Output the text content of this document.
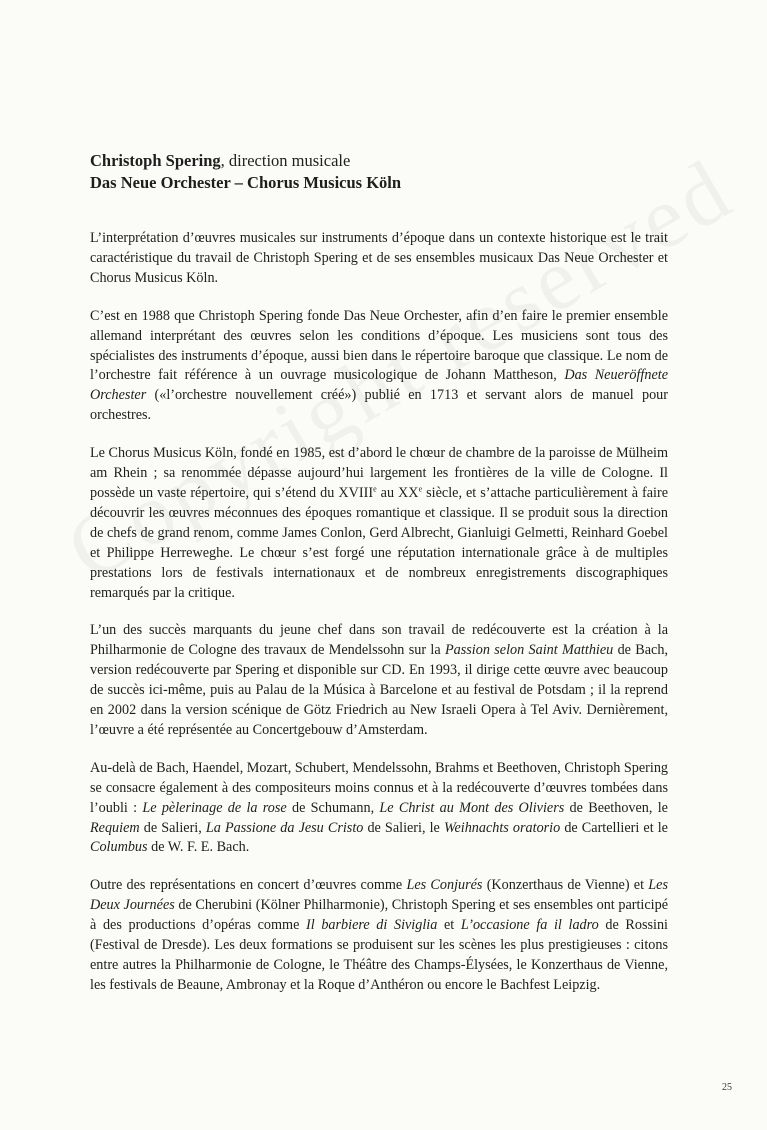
Christoph Spering, direction musicale
Das Neue Orchester – Chorus Musicus Köln

L’interprétation d’œuvres musicales sur instruments d’époque dans un contexte historique est le trait caractéristique du travail de Christoph Spering et de ses ensembles musicaux Das Neue Orchester et Chorus Musicus Köln.

C’est en 1988 que Christoph Spering fonde Das Neue Orchester, afin d’en faire le premier ensemble allemand interprétant des œuvres selon les conditions d’époque. Les musiciens sont tous des spécialistes des instruments d’époque, aussi bien dans le répertoire baroque que classique. Le nom de l’orchestre fait référence à un ouvrage musicologique de Johann Mattheson, Das Neueröffnete Orchester («l’orchestre nouvellement créé») publié en 1713 et servant alors de manuel pour orchestres.

Le Chorus Musicus Köln, fondé en 1985, est d’abord le chœur de chambre de la paroisse de Mülheim am Rhein ; sa renommée dépasse aujourd’hui largement les frontières de la ville de Cologne. Il possède un vaste répertoire, qui s’étend du XVIIIe au XXe siècle, et s’attache particulièrement à faire découvrir les œuvres méconnues des époques romantique et classique. Il se produit sous la direction de chefs de grand renom, comme James Conlon, Gerd Albrecht, Gianluigi Gelmetti, Reinhard Goebel et Philippe Herreweghe. Le chœur s’est forgé une réputation internationale grâce à de multiples prestations lors de festivals internationaux et de nombreux enregistrements discographiques remarqués par la critique.

L’un des succès marquants du jeune chef dans son travail de redécouverte est la création à la Philharmonie de Cologne des travaux de Mendelssohn sur la Passion selon Saint Matthieu de Bach, version redécouverte par Spering et disponible sur CD. En 1993, il dirige cette œuvre avec beaucoup de succès ici-même, puis au Palau de la Música à Barcelone et au festival de Potsdam ; il la reprend en 2002 dans la version scénique de Götz Friedrich au New Israeli Opera à Tel Aviv. Dernièrement, l’œuvre a été représentée au Concertgebouw d’Amsterdam.

Au-delà de Bach, Haendel, Mozart, Schubert, Mendelssohn, Brahms et Beethoven, Christoph Spering se consacre également à des compositeurs moins connus et à la redécouverte d’œuvres tombées dans l’oubli : Le pèlerinage de la rose de Schumann, Le Christ au Mont des Oliviers de Beethoven, le Requiem de Salieri, La Passione da Jesu Cristo de Salieri, le Weihnachts oratorio de Cartellieri et le Columbus de W. F. E. Bach.

Outre des représentations en concert d’œuvres comme Les Conjurés (Konzerthaus de Vienne) et Les Deux Journées de Cherubini (Kölner Philharmonie), Christoph Spering et ses ensembles ont participé à des productions d’opéras comme Il barbiere di Siviglia et L’occasione fa il ladro de Rossini (Festival de Dresde). Les deux formations se produisent sur les scènes les plus prestigieuses : citons entre autres la Philharmonie de Cologne, le Théâtre des Champs-Élysées, le Konzerthaus de Vienne, les festivals de Beaune, Ambronay et la Roque d’Anthéron ou encore le Bachfest Leipzig.

25
